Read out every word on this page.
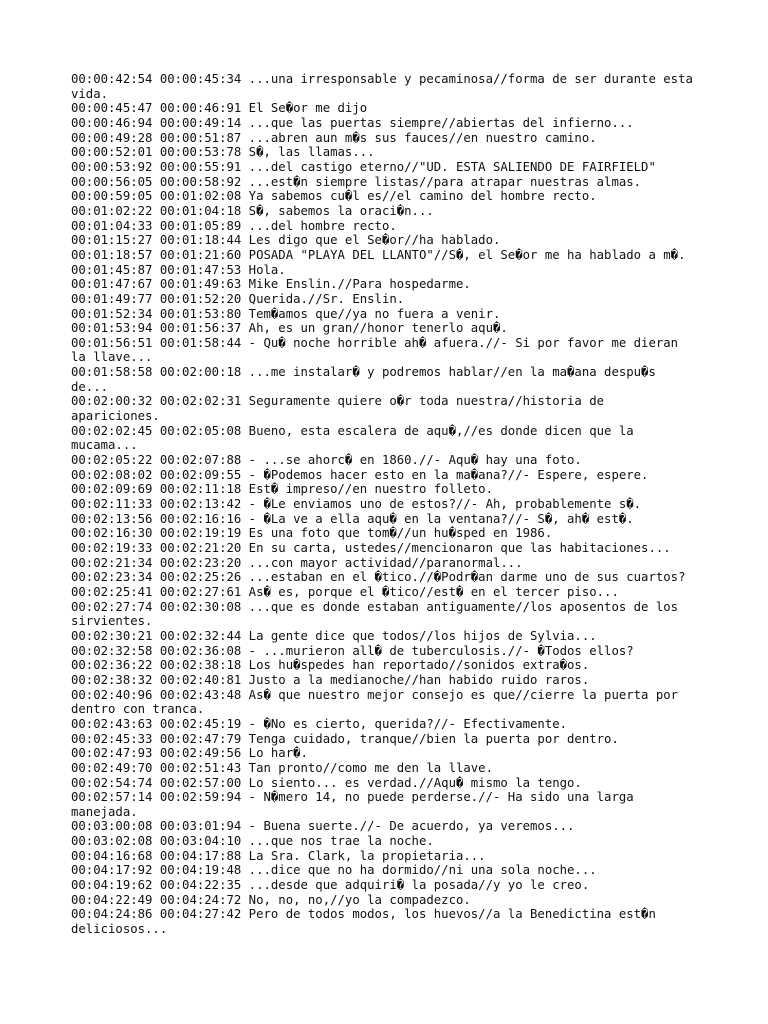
00:00:42:54 00:00:45:34 ...una irresponsable y pecaminosa//forma de ser durante esta vida.
00:00:45:47 00:00:46:91 El Se�or me dijo
00:00:46:94 00:00:49:14 ...que las puertas siempre//abiertas del infierno...
00:00:49:28 00:00:51:87 ...abren aun m�s sus fauces//en nuestro camino.
00:00:52:01 00:00:53:78 S�, las llamas...
00:00:53:92 00:00:55:91 ...del castigo eterno//"UD. ESTA SALIENDO DE FAIRFIELD"
00:00:56:05 00:00:58:92 ...est�n siempre listas//para atrapar nuestras almas.
00:00:59:05 00:01:02:08 Ya sabemos cu�l es//el camino del hombre recto.
00:01:02:22 00:01:04:18 S�, sabemos la oraci�n...
00:01:04:33 00:01:05:89 ...del hombre recto.
00:01:15:27 00:01:18:44 Les digo que el Se�or//ha hablado.
00:01:18:57 00:01:21:60 POSADA "PLAYA DEL LLANTO"//S�, el Se�or me ha hablado a m�.
00:01:45:87 00:01:47:53 Hola.
00:01:47:67 00:01:49:63 Mike Enslin.//Para hospedarme.
00:01:49:77 00:01:52:20 Querida.//Sr. Enslin.
00:01:52:34 00:01:53:80 Tem�amos que//ya no fuera a venir.
00:01:53:94 00:01:56:37 Ah, es un gran//honor tenerlo aqu�.
00:01:56:51 00:01:58:44 - Qu� noche horrible ah� afuera.//- Si por favor me dieran la llave...
00:01:58:58 00:02:00:18 ...me instalar� y podremos hablar//en la ma�ana despu�s de...
00:02:00:32 00:02:02:31 Seguramente quiere o�r toda nuestra//historia de apariciones.
00:02:02:45 00:02:05:08 Bueno, esta escalera de aqu�,//es donde dicen que la mucama...
00:02:05:22 00:02:07:88 - ...se ahorc� en 1860.//- Aqu� hay una foto.
00:02:08:02 00:02:09:55 - �Podemos hacer esto en la ma�ana?//- Espere, espere.
00:02:09:69 00:02:11:18 Est� impreso//en nuestro folleto.
00:02:11:33 00:02:13:42 - �Le enviamos uno de estos?//- Ah, probablemente s�.
00:02:13:56 00:02:16:16 - �La ve a ella aqu� en la ventana?//- S�, ah� est�.
00:02:16:30 00:02:19:19 Es una foto que tom�//un hu�sped en 1986.
00:02:19:33 00:02:21:20 En su carta, ustedes//mencionaron que las habitaciones...
00:02:21:34 00:02:23:20 ...con mayor actividad//paranormal...
00:02:23:34 00:02:25:26 ...estaban en el �tico.//�Podr�an darme uno de sus cuartos?
00:02:25:41 00:02:27:61 As� es, porque el �tico//est� en el tercer piso...
00:02:27:74 00:02:30:08 ...que es donde estaban antiguamente//los aposentos de los sirvientes.
00:02:30:21 00:02:32:44 La gente dice que todos//los hijos de Sylvia...
00:02:32:58 00:02:36:08 - ...murieron all� de tuberculosis.//- �Todos ellos?
00:02:36:22 00:02:38:18 Los hu�spedes han reportado//sonidos extra�os.
00:02:38:32 00:02:40:81 Justo a la medianoche//han habido ruido raros.
00:02:40:96 00:02:43:48 As� que nuestro mejor consejo es que//cierre la puerta por dentro con tranca.
00:02:43:63 00:02:45:19 - �No es cierto, querida?//- Efectivamente.
00:02:45:33 00:02:47:79 Tenga cuidado, tranque//bien la puerta por dentro.
00:02:47:93 00:02:49:56 Lo har�.
00:02:49:70 00:02:51:43 Tan pronto//como me den la llave.
00:02:54:74 00:02:57:00 Lo siento... es verdad.//Aqu� mismo la tengo.
00:02:57:14 00:02:59:94 - N�mero 14, no puede perderse.//- Ha sido una larga manejada.
00:03:00:08 00:03:01:94 - Buena suerte.//- De acuerdo, ya veremos...
00:03:02:08 00:03:04:10 ...que nos trae la noche.
00:04:16:68 00:04:17:88 La Sra. Clark, la propietaria...
00:04:17:92 00:04:19:48 ...dice que no ha dormido//ni una sola noche...
00:04:19:62 00:04:22:35 ...desde que adquiri� la posada//y yo le creo.
00:04:22:49 00:04:24:72 No, no, no,//yo la compadezco.
00:04:24:86 00:04:27:42 Pero de todos modos, los huevos//a la Benedictina est�n deliciosos...
